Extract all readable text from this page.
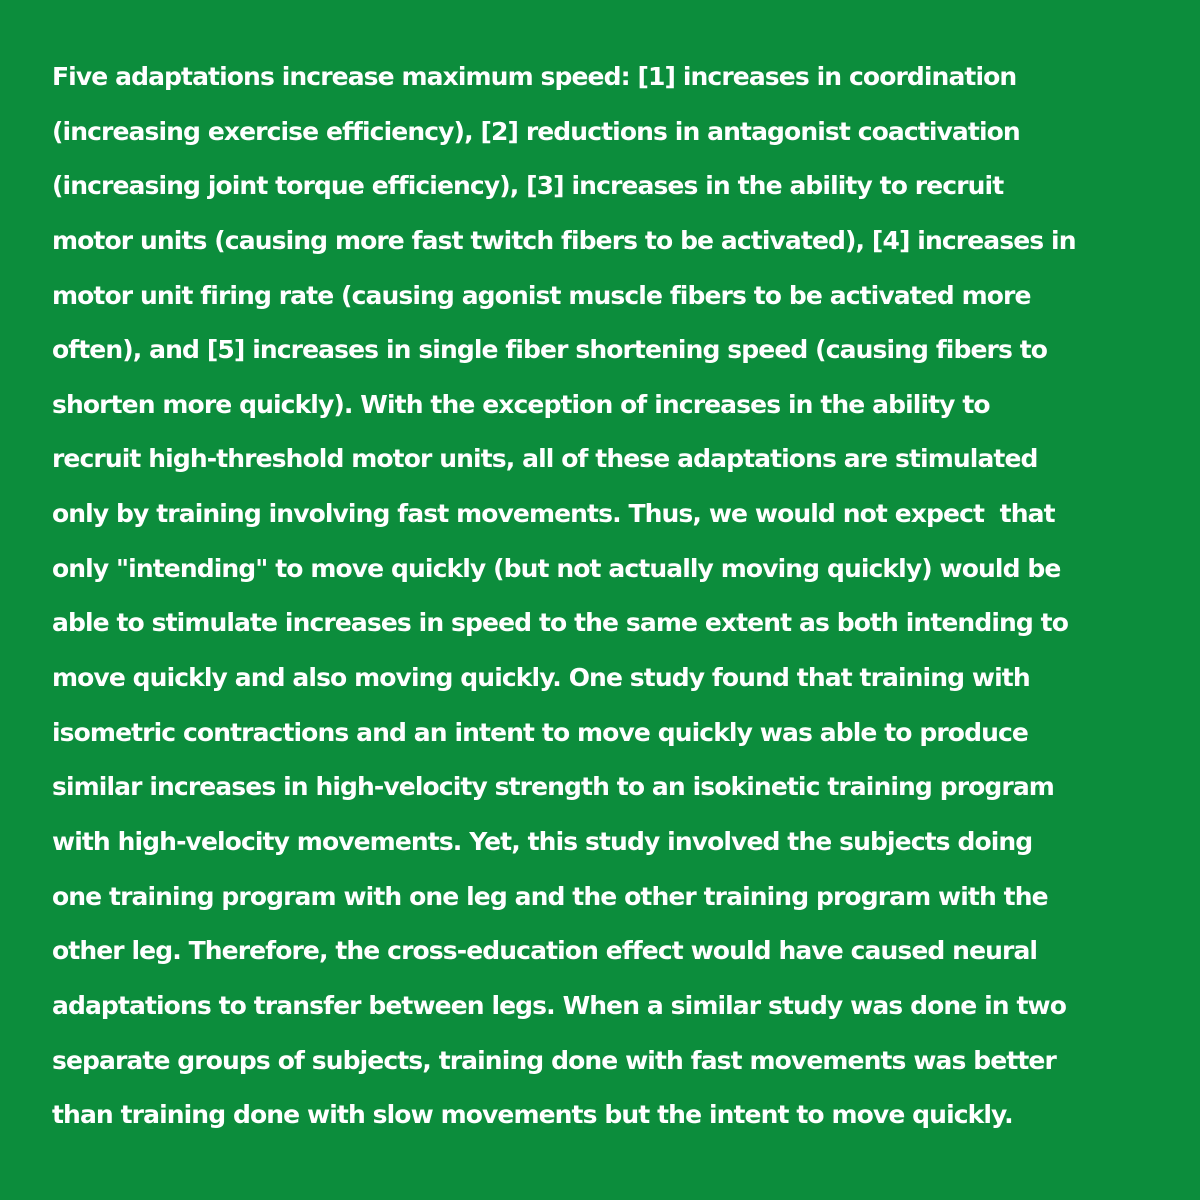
Five adaptations increase maximum speed: [1] increases in coordination
(increasing exercise efficiency), [2] reductions in antagonist coactivation
(increasing joint torque efficiency), [3] increases in the ability to recruit
motor units (causing more fast twitch fibers to be activated), [4] increases in
motor unit firing rate (causing agonist muscle fibers to be activated more
often), and [5] increases in single fiber shortening speed (causing fibers to
shorten more quickly). With the exception of increases in the ability to
recruit high-threshold motor units, all of these adaptations are stimulated
only by training involving fast movements. Thus, we would not expect  that
only "intending" to move quickly (but not actually moving quickly) would be
able to stimulate increases in speed to the same extent as both intending to
move quickly and also moving quickly. One study found that training with
isometric contractions and an intent to move quickly was able to produce
similar increases in high-velocity strength to an isokinetic training program
with high-velocity movements. Yet, this study involved the subjects doing
one training program with one leg and the other training program with the
other leg. Therefore, the cross-education effect would have caused neural
adaptations to transfer between legs. When a similar study was done in two
separate groups of subjects, training done with fast movements was better
than training done with slow movements but the intent to move quickly.
